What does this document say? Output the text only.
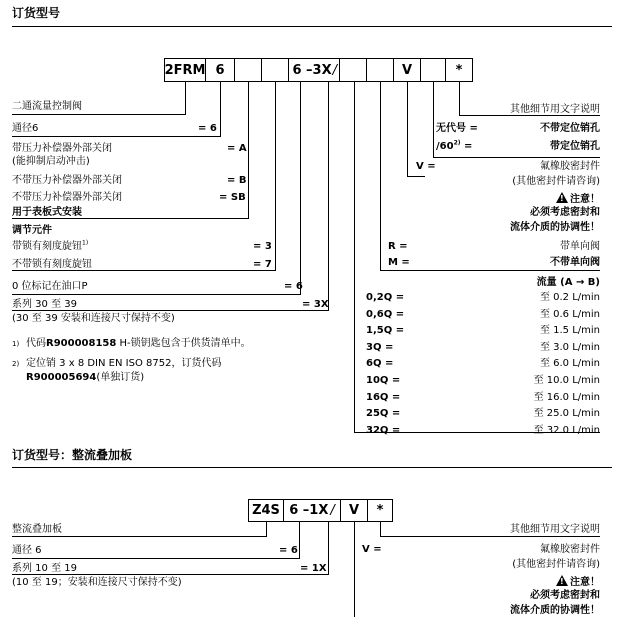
订货型号
2FRM 6	6 –3X /	V	*
二通流量控制阀
通径6	= 6
带压力补偿器外部关闭	= A
(能抑制启动冲击)
不带压力补偿器外部关闭	= B
不带压力补偿器外部关闭	= SB
用于表板式安装
调节元件
带锁有刻度旋钮$^{1)}$	= 3
不带锁有刻度旋钮	= 7
0 位标记在油口P	= 6
系列 30 至 39	= 3X
(30 至 39 安装和连接尺寸保持不变)
1) 代码R900008158 H-锁钥匙包含于供货清单中。
2) 定位销 3 x 8 DIN EN ISO 8752，订货代码
R900005694(单独订货)
其他细节用文字说明
无代号 =	不带定位销孔
$/60^{2)}$ =	带定位销孔
V =	氟橡胶密封件
(其他密封件请咨询)
!注意！
必须考虑密封和
流体介质的协调性！
R =	带单向阀
M =	不带单向阀
流量 (A → B)
0,2Q =	至 0.2 L/min
0,6Q =	至 0.6 L/min
1,5Q =	至 1.5 L/min
3Q =	至 3.0 L/min
6Q =	至 6.0 L/min
10Q =	至 10.0 L/min
16Q =	至 16.0 L/min
25Q =	至 25.0 L/min
32Q =	至 32.0 L/min
订货型号：整流叠加板
Z4S 6 –1X /	V	*
整流叠加板
通径 6	= 6
系列 10 至 19	= 1X
(10 至 19；安装和连接尺寸保持不变)
其他细节用文字说明
V =	氟橡胶密封件
(其他密封件请咨询)
!注意！
必须考虑密封和
流体介质的协调性！
